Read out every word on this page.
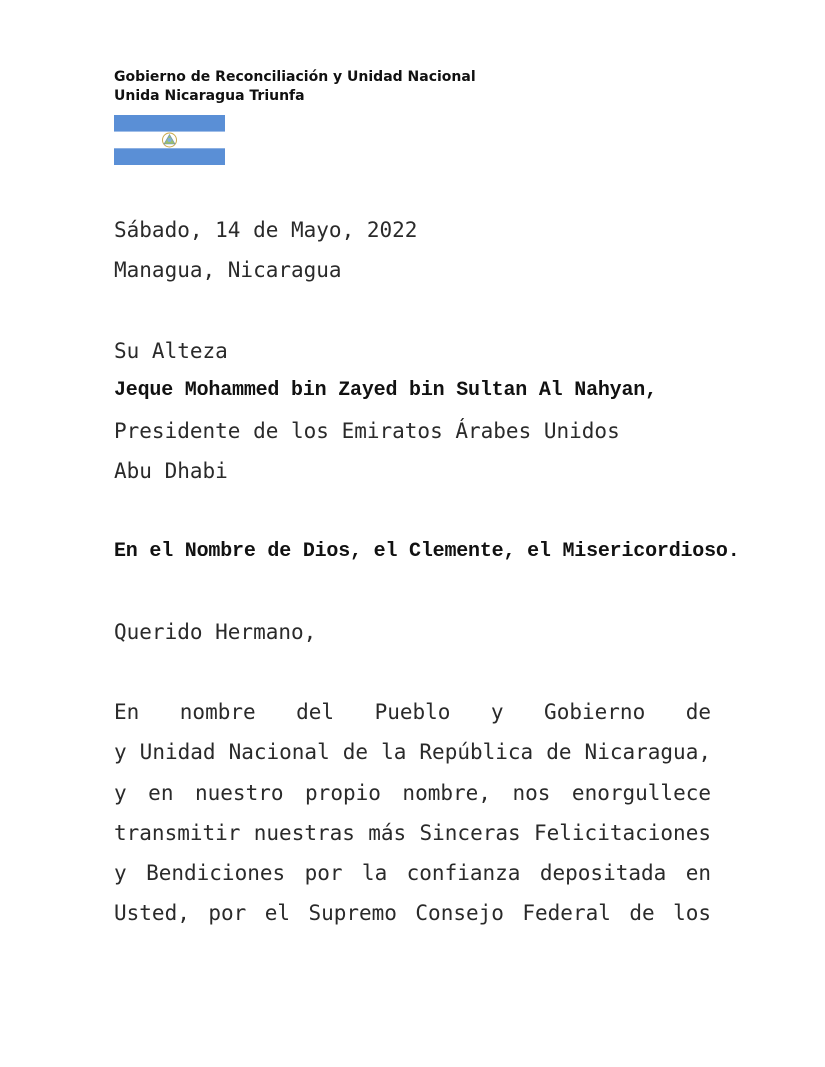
Gobierno de Reconciliación y Unidad Nacional
Unida Nicaragua Triunfa
Sábado, 14 de Mayo, 2022
Managua, Nicaragua
Su Alteza
Jeque Mohammed bin Zayed bin Sultan Al Nahyan,
Presidente de los Emiratos Árabes Unidos
Abu Dhabi
En el Nombre de Dios, el Clemente, el Misericordioso.
Querido Hermano,
En nombre del Pueblo y Gobierno de
y Unidad Nacional de la República de Nicaragua,
y en nuestro propio nombre, nos enorgullece
transmitir nuestras más Sinceras Felicitaciones
y Bendiciones por la confianza depositada en
Usted, por el Supremo Consejo Federal de los
